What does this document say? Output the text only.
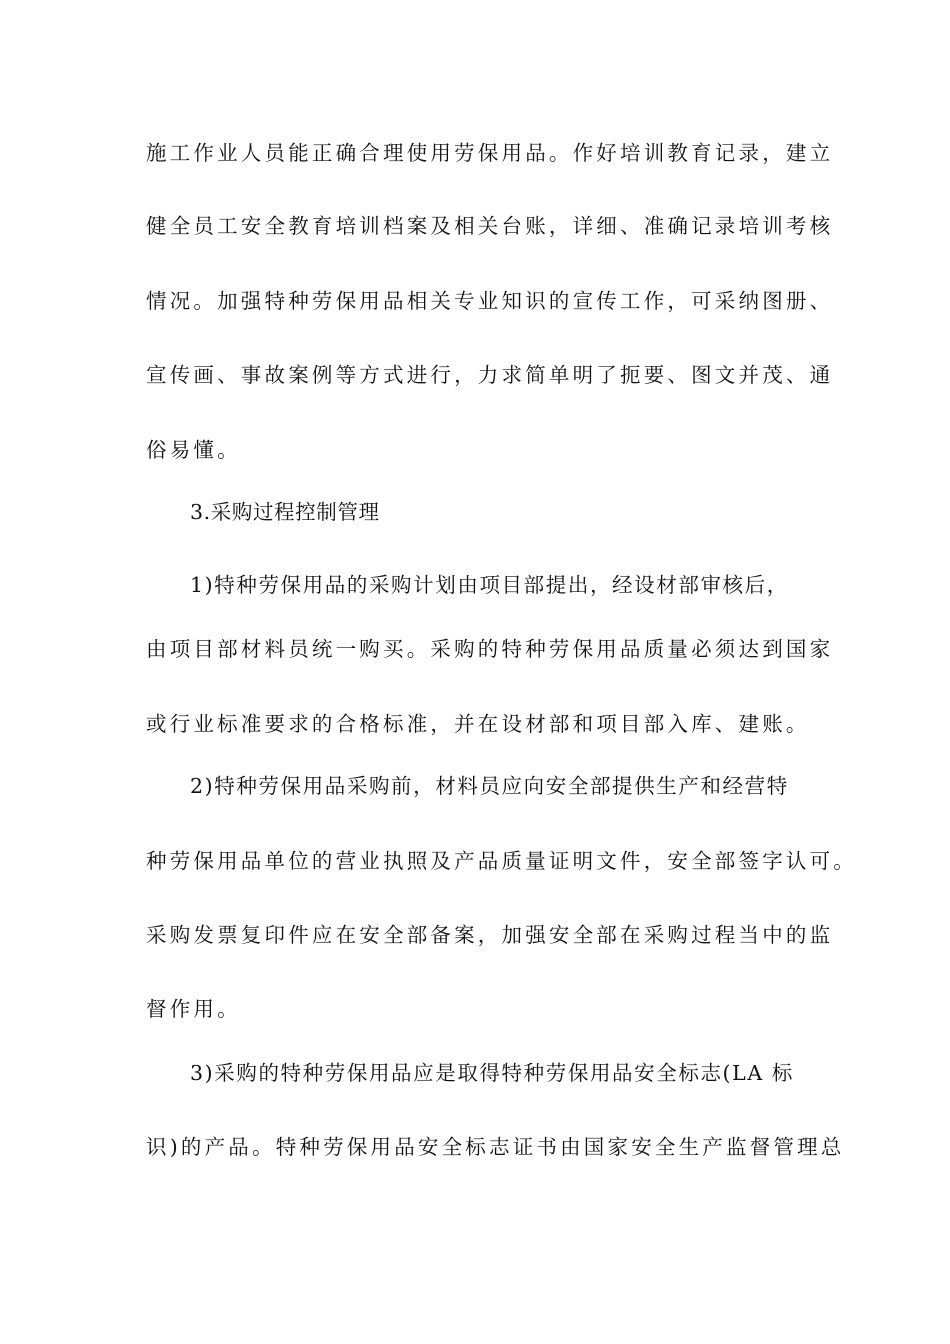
施工作业人员能正确合理使用劳保用品。作好培训教育记录，建立
健全员工安全教育培训档案及相关台账，详细、准确记录培训考核
情况。加强特种劳保用品相关专业知识的宣传工作，可采纳图册、
宣传画、事故案例等方式进行，力求简单明了扼要、图文并茂、通
俗易懂。
3.采购过程控制管理
1)特种劳保用品的采购计划由项目部提出，经设材部审核后，
由项目部材料员统一购买。采购的特种劳保用品质量必须达到国家
或行业标准要求的合格标准，并在设材部和项目部入库、建账。
2)特种劳保用品采购前，材料员应向安全部提供生产和经营特
种劳保用品单位的营业执照及产品质量证明文件，安全部签字认可。
采购发票复印件应在安全部备案，加强安全部在采购过程当中的监
督作用。
3)采购的特种劳保用品应是取得特种劳保用品安全标志(LA 标
识)的产品。特种劳保用品安全标志证书由国家安全生产监督管理总
